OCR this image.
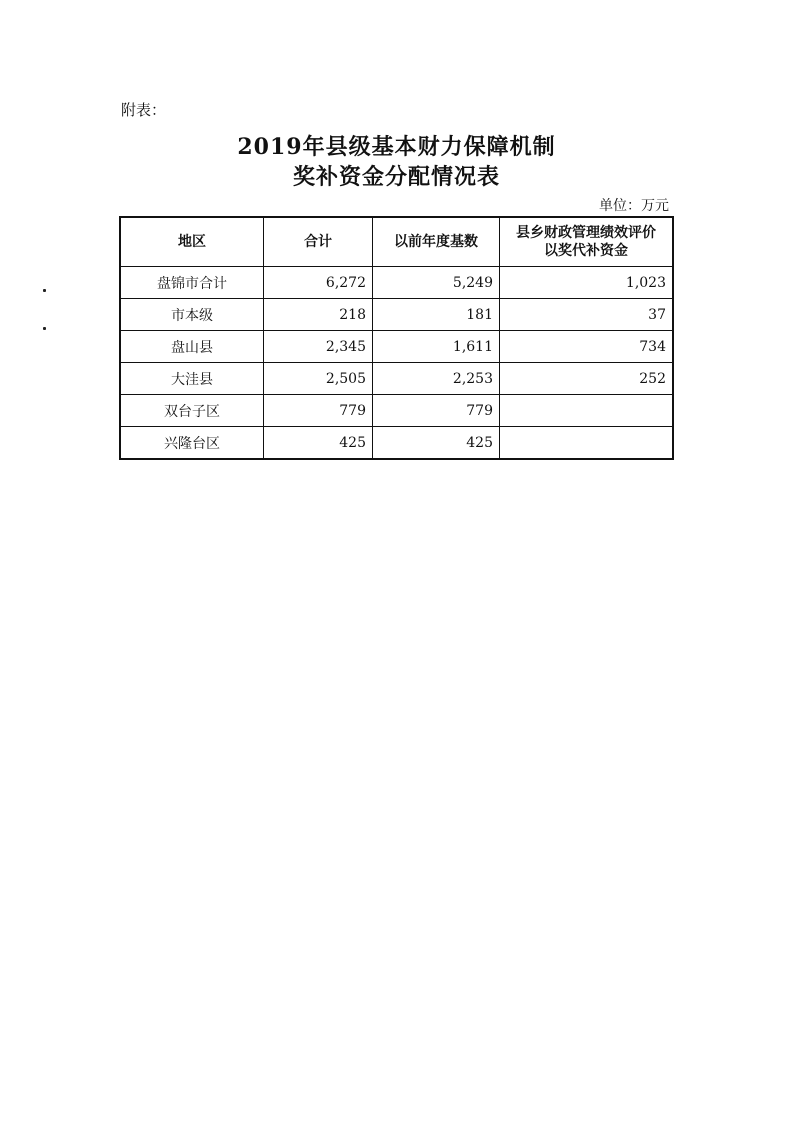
附表：
2019年县级基本财力保障机制
奖补资金分配情况表
单位：万元
地区	合计	以前年度基数	县乡财政管理绩效评价
以奖代补资金

盘锦市合计	6,272	5,249	1,023
市本级	218	181	37
盘山县	2,345	1,611	734
大洼县	2,505	2,253	252
双台子区	779	779	
兴隆台区	425	425	
